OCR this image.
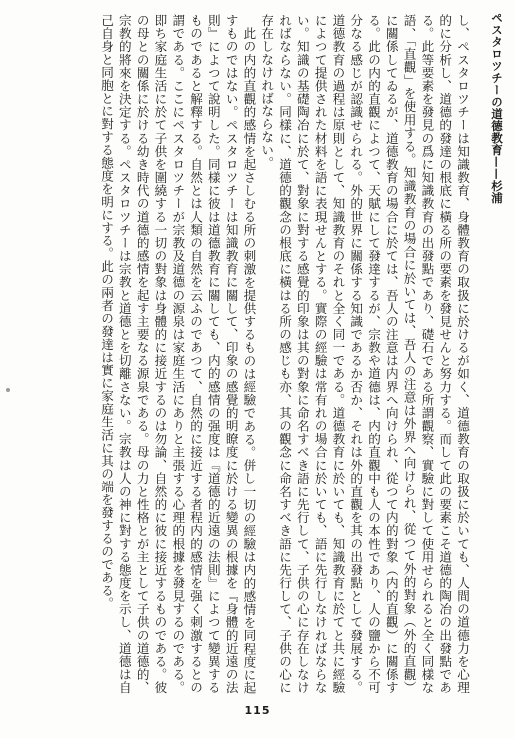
ペスタロツチーの道德教育——杉浦

し、ペスタロツチーは知識教育、身體教育の取扱に於けるが如く、道德教育の取扱に於いても、人間の道德力を心理的に分析し、道德的發達の根底に橫る所の要素を發見せんと努力する。而して此の要素こそ道德的陶冶の出發點である。此等要素を發見の爲に知識教育の出發點であり、礎石である所謂觀察、實驗に對して使用せられると全く同樣な語、「直觀」を使用する。知識教育の場合に於いては、吾人の注意は外界へ向けられ、從つて外的對象（外的直觀）に關係してゐるが、道德教育の場合に於ては、吾人の注意は内界へ向けられ、從つて内的對象（内的直觀）に關係する。此の内的直觀によつて、天賦にして發達するが、宗教や道德は、内的直觀中も人の本性であり、人の鹽から不可分なる感じが認識せられる。外的世界に關係する知識であるか否か、それは外的直觀を其の出發點として發展する。道德教育の過程は原則として、知識教育のそれと全く同一である。道德教育に於いても、知識教育に於てと共に經驗によつて提供された材料を語に表現せんとする。實際の經驗は常有れの場合に於いても、語に先行しなければならない。知識の基礎陶冶に於て、對象に對する感覺的印象は其の對象に命名すべき語に先行して、子供の心に存在しなければならない。同樣に、道德的觀念の根底に橫はる所の感じも亦、其の觀念に命名すべき語に先行して、子供の心に存在しなければならない。

此の内的直觀的感情を起さしむる所の刺激を提供するものは經驗である。併し一切の經驗は内的感情を同程度に起すものではない。ペスタロツチーは知識教育に關して、印象の感覺的明瞭度に於ける變異の根據を『身體的近遠の法則』によつて說明した。同樣に彼は道德教育に關しても、内的感情の强度は『道德的近遠の法則』によつて變異するものであると解釋する。自然とは人類の自然を云ふのであつて、自然的に接近する者程内的感情を强く刺激するとの謂である。ここにペスタロツチーが宗教及道德の源泉は家庭生活にありと主張する心理的根據を發見するのである。即ち家庭生活に於て子供を圍繞する一切の對象は身體的に接近するのは勿論、自然的に彼に接近するものである。彼の母との關係に於ける幼き時代の道德的感情を起す主要なる源泉である。母の力と性格とが主として子供の道德的、宗教的將來を決定する。ペスタロツチーは宗教と道德とを切離さない。宗教は人の神に對する態度を示し、道德は自己自身と同胞とに對する態度を明にする。此の兩者の發達は實に家庭生活に其の端を發するのである。

115
